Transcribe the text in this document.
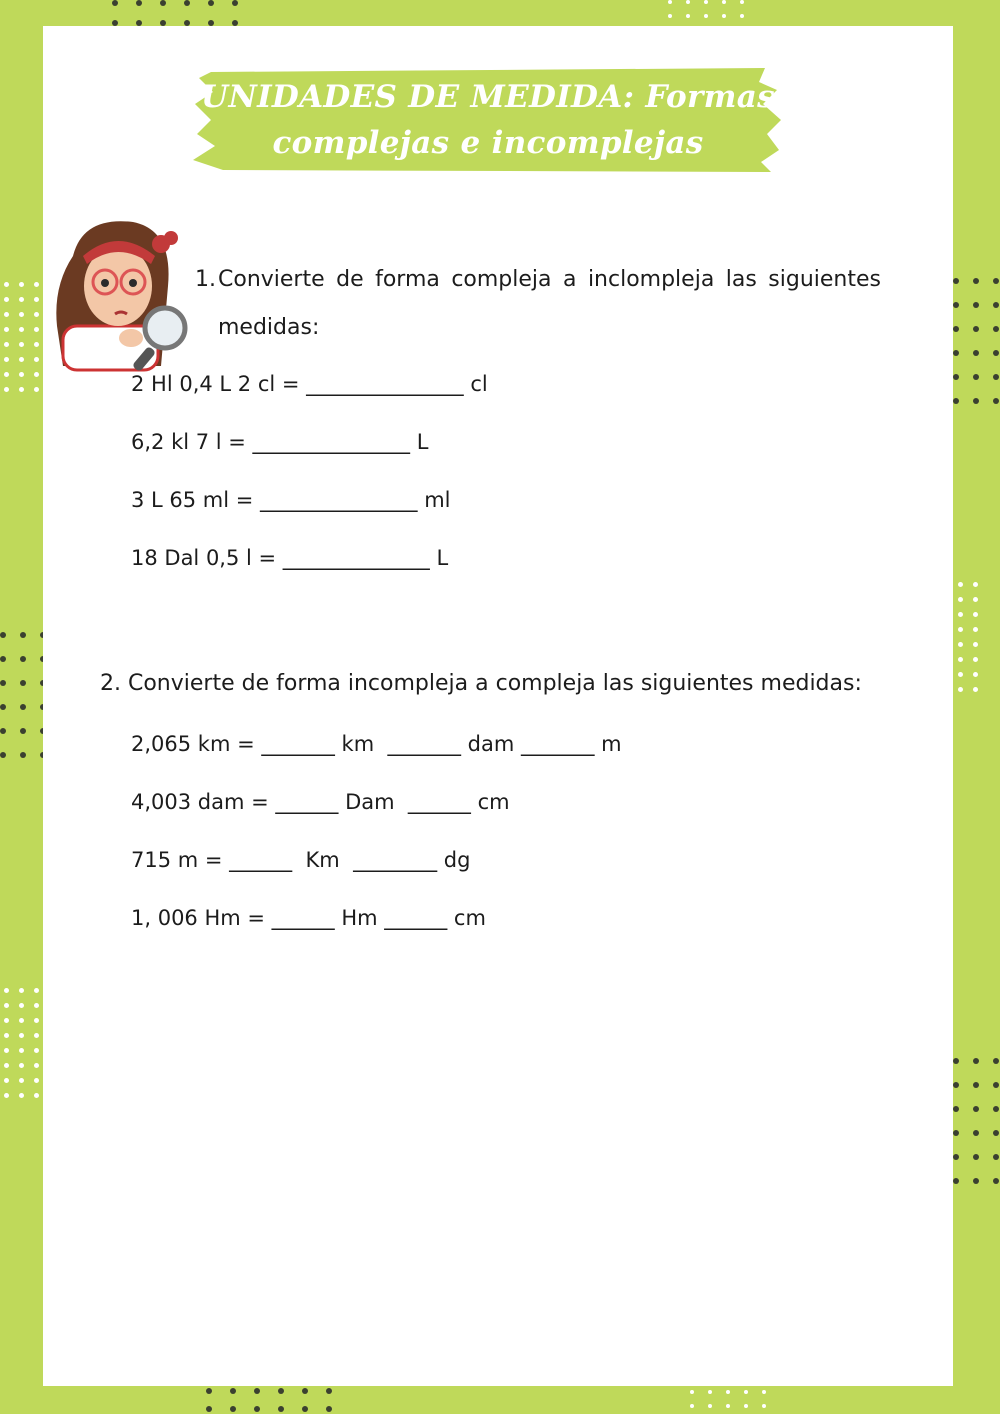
UNIDADES DE MEDIDA: Formas complejas e incomplejas
1. Convierte de forma compleja a inclompleja las siguientes medidas:

2 Hl 0,4 L 2 cl = _______________ cl

6,2 kl 7 l = _______________ L

3 L 65 ml = _______________ ml

18 Dal 0,5 l = ______________ L

2. Convierte de forma incompleja a compleja las siguientes medidas:

2,065 km = _______ km  _______ dam _______ m

4,003 dam = ______ Dam  ______ cm

715 m = ______  Km  ________ dg

1, 006 Hm = ______ Hm ______ cm
